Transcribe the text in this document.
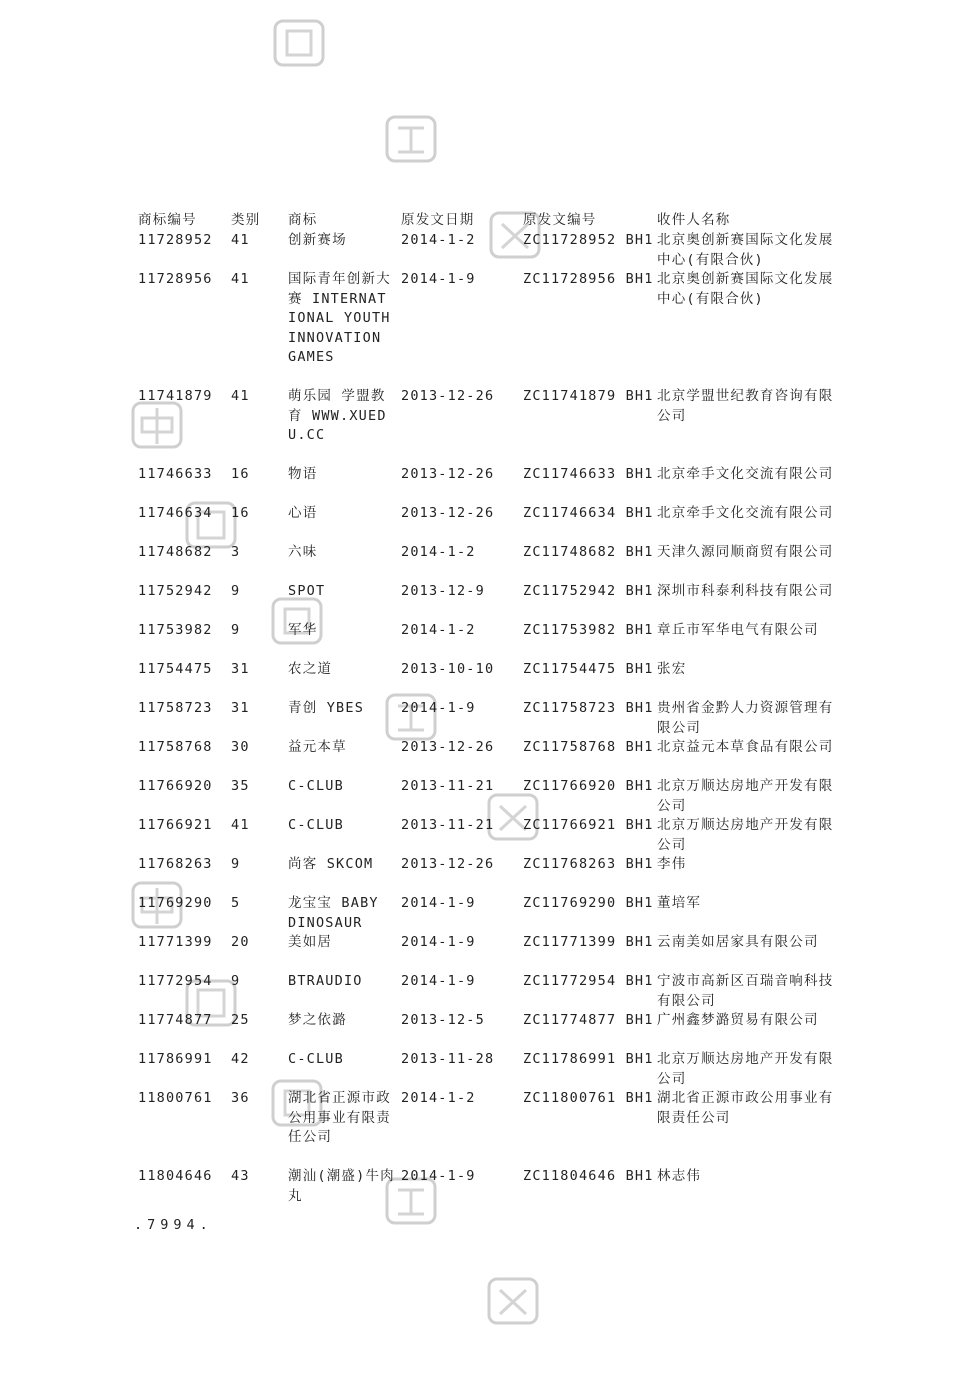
商标编号	类别	商标	原发文日期	原发文编号	收件人名称
11728952	41	创新赛场	2014-1-2	ZC11728952 BH1	北京奥创新赛国际文化发展中心(有限合伙)
11728956	41	国际青年创新大赛 INTERNATIONAL YOUTH INNOVATION GAMES	2014-1-9	ZC11728956 BH1	北京奥创新赛国际文化发展中心(有限合伙)
11741879	41	萌乐园 学盟教育 WWW.XUEDU.CC	2013-12-26	ZC11741879 BH1	北京学盟世纪教育咨询有限公司
11746633	16	物语	2013-12-26	ZC11746633 BH1	北京牵手文化交流有限公司
11746634	16	心语	2013-12-26	ZC11746634 BH1	北京牵手文化交流有限公司
11748682	3	六味	2014-1-2	ZC11748682 BH1	天津久源同顺商贸有限公司
11752942	9	SPOT	2013-12-9	ZC11752942 BH1	深圳市科泰利科技有限公司
11753982	9	军华	2014-1-2	ZC11753982 BH1	章丘市军华电气有限公司
11754475	31	农之道	2013-10-10	ZC11754475 BH1	张宏
11758723	31	青创 YBES	2014-1-9	ZC11758723 BH1	贵州省金黔人力资源管理有限公司
11758768	30	益元本草	2013-12-26	ZC11758768 BH1	北京益元本草食品有限公司
11766920	35	C-CLUB	2013-11-21	ZC11766920 BH1	北京万顺达房地产开发有限公司
11766921	41	C-CLUB	2013-11-21	ZC11766921 BH1	北京万顺达房地产开发有限公司
11768263	9	尚客 SKCOM	2013-12-26	ZC11768263 BH1	李伟
11769290	5	龙宝宝 BABY DINOSAUR	2014-1-9	ZC11769290 BH1	董培军
11771399	20	美如居	2014-1-9	ZC11771399 BH1	云南美如居家具有限公司
11772954	9	BTRAUDIO	2014-1-9	ZC11772954 BH1	宁波市高新区百瑞音响科技有限公司
11774877	25	梦之依潞	2013-12-5	ZC11774877 BH1	广州鑫梦潞贸易有限公司
11786991	42	C-CLUB	2013-11-28	ZC11786991 BH1	北京万顺达房地产开发有限公司
11800761	36	湖北省正源市政公用事业有限责任公司	2014-1-2	ZC11800761 BH1	湖北省正源市政公用事业有限责任公司
11804646	43	潮汕(潮盛)牛肉丸	2014-1-9	ZC11804646 BH1	林志伟
.7994.
